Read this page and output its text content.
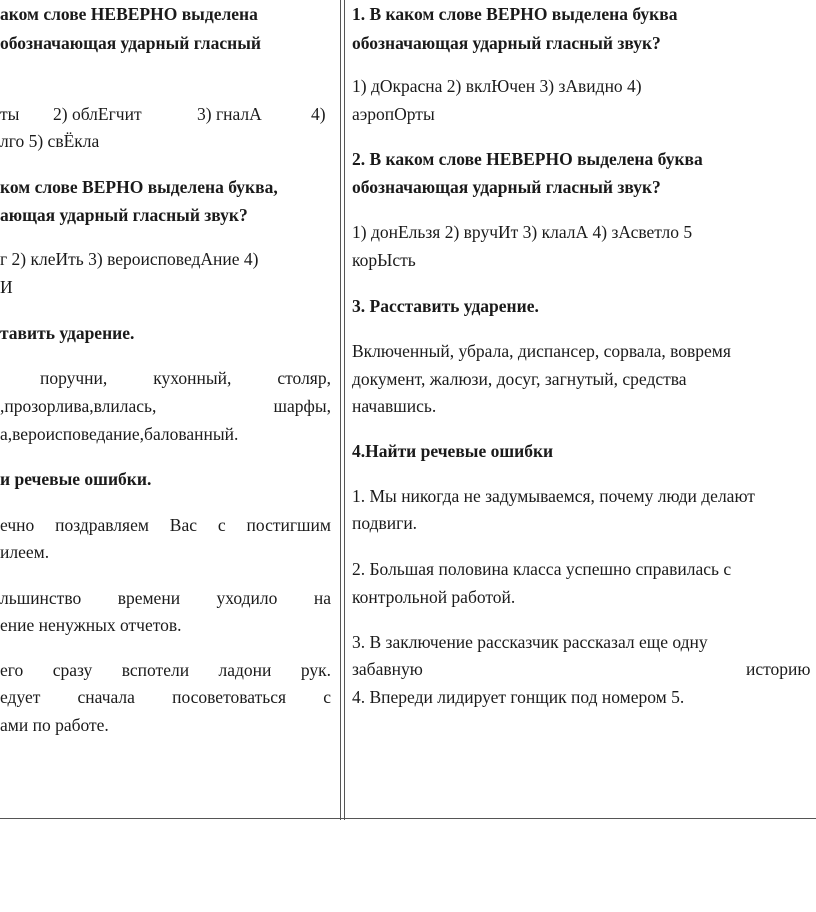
аком слове НЕВЕРНО выделена
обозначающая ударный гласный
ты 2) облЕгчит	3) гналА	4)
лго 5) свЁкла
ком слове ВЕРНО выделена буква,
ающая ударный гласный звук?
г 2) клеИть 3) вероисповедАние 4)
И
тавить ударение.
поручни,	кухонный,	столяр,
,прозорлива,влилась,	шарфы,
а,вероисповедание,балованный.
и речевые ошибки.
ечно поздравляем Вас с постигшим
илеем.
льшинство времени уходило на
ение ненужных отчетов.
его сразу вспотели ладони рук.
едует сначала посоветоваться с
ами по работе.
1. В каком слове ВЕРНО выделена буква
обозначающая ударный гласный звук?
1) дОкрасна 2) вклЮчен 3) зАвидно 4)
аэропОрты
2. В каком слове НЕВЕРНО выделена буква
обозначающая ударный гласный звук?
1) донЕльзя 2) вручИт 3) клалА 4) зАсветло 5
корЫсть
3. Расставить ударение.
Включенный, убрала, диспансер, сорвала, вовремя
документ, жалюзи, досуг, загнутый, средства
начавшись.
4.Найти речевые ошибки
1. Мы никогда не задумываемся, почему люди делают
подвиги.
2. Большая половина класса успешно справилась с
контрольной работой.
3. В заключение рассказчик рассказал еще одну
забавную	историю
4. Впереди лидирует гонщик под номером 5.
